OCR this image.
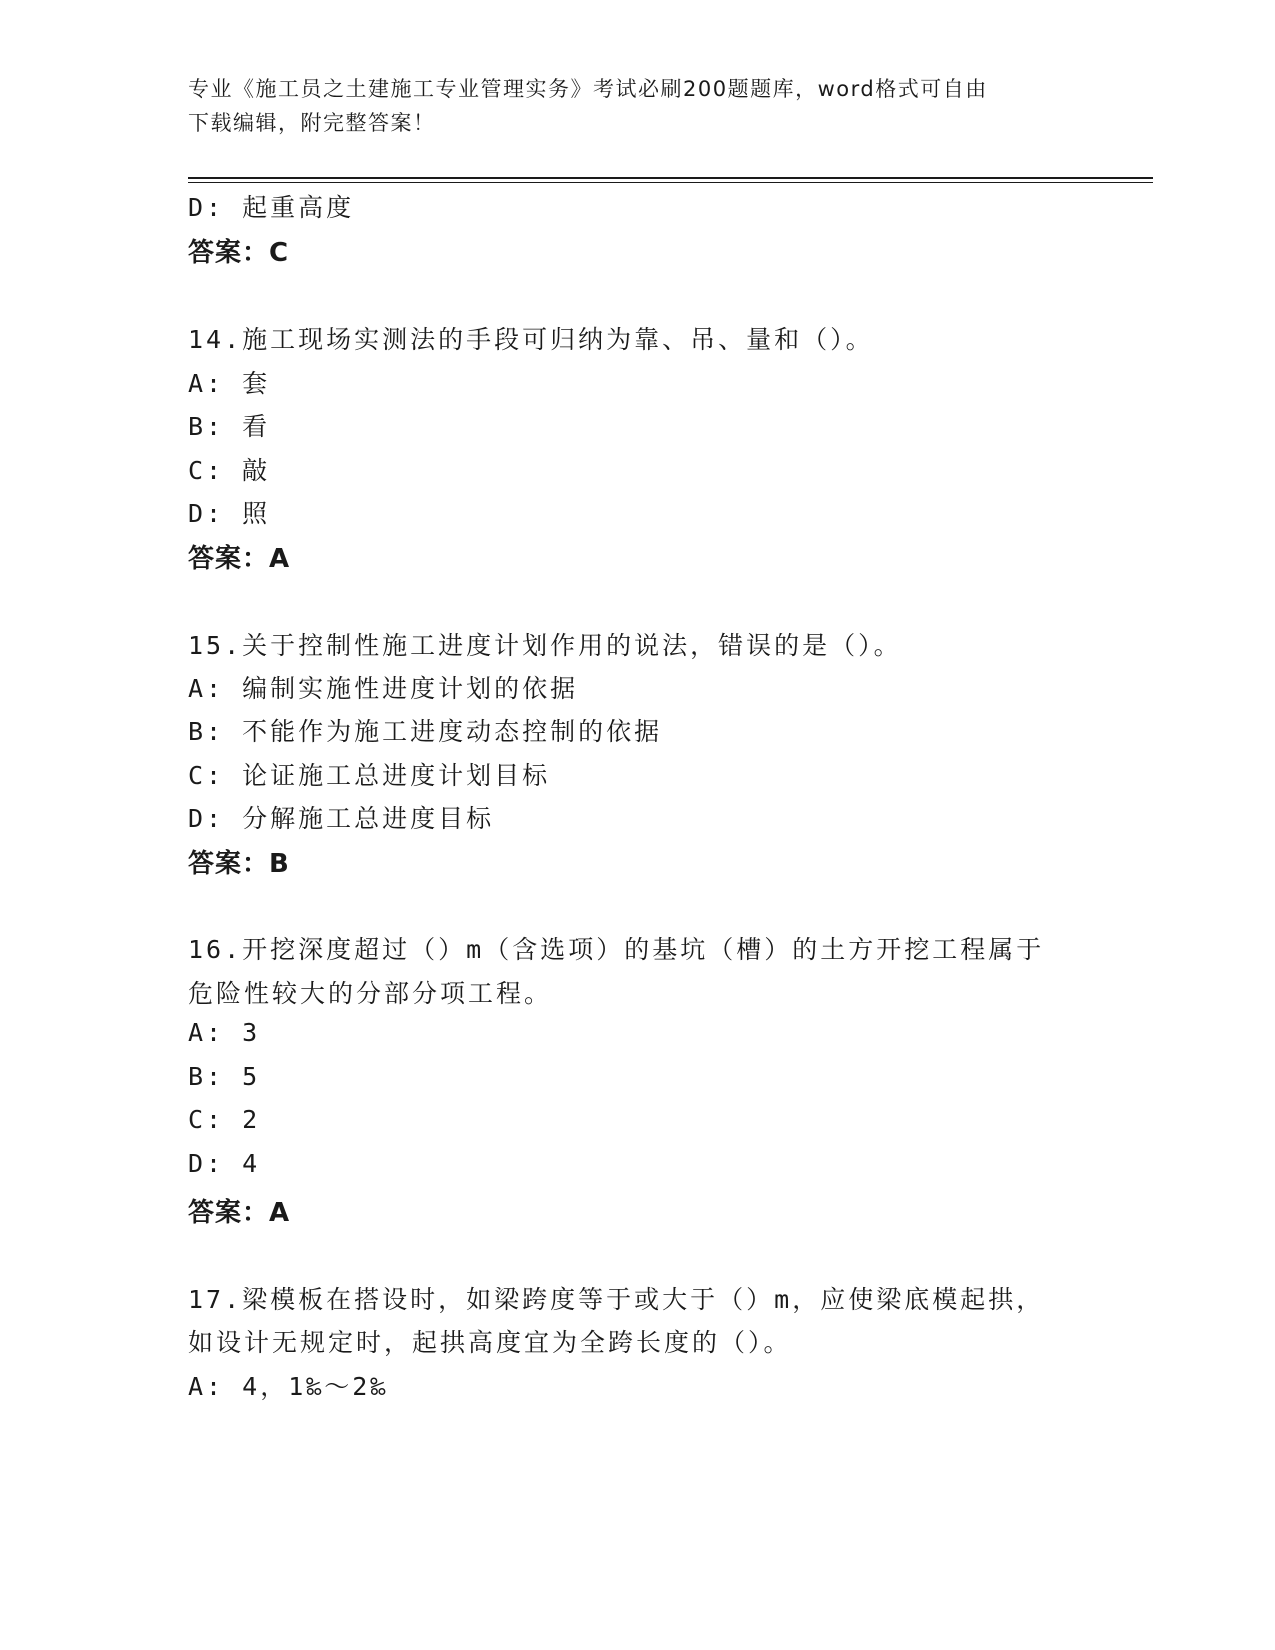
专业《施工员之土建施工专业管理实务》考试必刷200题题库，word格式可自由
下载编辑，附完整答案！
D: 起重高度
答案：C
14.施工现场实测法的手段可归纳为靠、吊、量和（）。
A: 套
B: 看
C: 敲
D: 照
答案：A
15.关于控制性施工进度计划作用的说法，错误的是（）。
A: 编制实施性进度计划的依据
B: 不能作为施工进度动态控制的依据
C: 论证施工总进度计划目标
D: 分解施工总进度目标
答案：B
16.开挖深度超过（）m（含选项）的基坑（槽）的土方开挖工程属于
危险性较大的分部分项工程。
A: 3
B: 5
C: 2
D: 4
答案：A
17.梁模板在搭设时，如梁跨度等于或大于（）m，应使梁底模起拱，
如设计无规定时，起拱高度宜为全跨长度的（）。
A: 4，1‰～2‰
